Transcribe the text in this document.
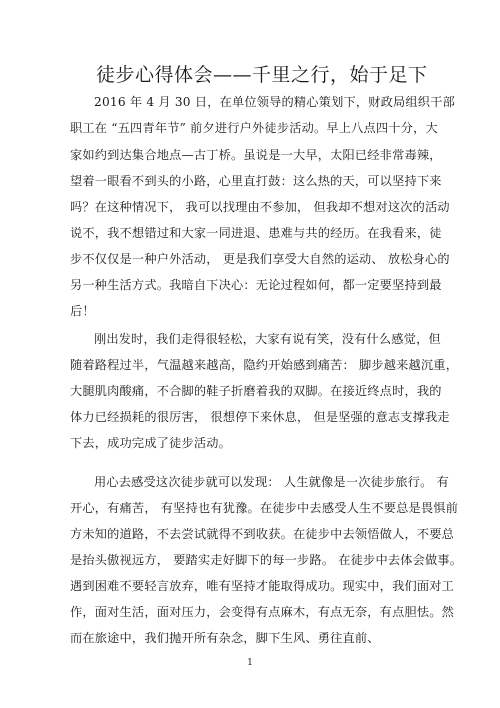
徒步心得体会——千里之行，始于足下
2016 年 4 月 30 日，在单位领导的精心策划下，财政局组织干部
职工在 “五四青年节” 前夕进行户外徒步活动。早上八点四十分，大
家如约到达集合地点—古丁桥。虽说是一大早，太阳已经非常毒辣，
望着一眼看不到头的小路，心里直打鼓：这么热的天，可以坚持下来
吗？在这种情况下， 我可以找理由不参加， 但我却不想对这次的活动
说不，我不想错过和大家一同进退、患难与共的经历。在我看来，徒
步不仅仅是一种户外活动， 更是我们享受大自然的运动、 放松身心的
另一种生活方式。我暗自下决心：无论过程如何，都一定要坚持到最
后！
刚出发时，我们走得很轻松，大家有说有笑，没有什么感觉，但
随着路程过半，气温越来越高，隐约开始感到痛苦： 脚步越来越沉重，
大腿肌肉酸痛，不合脚的鞋子折磨着我的双脚。在接近终点时，我的
体力已经损耗的很厉害， 很想停下来休息， 但是坚强的意志支撑我走
下去，成功完成了徒步活动。
用心去感受这次徒步就可以发现： 人生就像是一次徒步旅行。 有
开心，有痛苦， 有坚持也有犹豫。在徒步中去感受人生不要总是畏惧前
方未知的道路，不去尝试就得不到收获。在徒步中去领悟做人，不要总
是抬头傲视远方， 要踏实走好脚下的每一步路。 在徒步中去体会做事。
遇到困难不要轻言放弃，唯有坚持才能取得成功。现实中，我们面对工
作，面对生活，面对压力，会变得有点麻木，有点无奈，有点胆怯。然
而在旅途中，我们抛开所有杂念，脚下生风、勇往直前、
1
